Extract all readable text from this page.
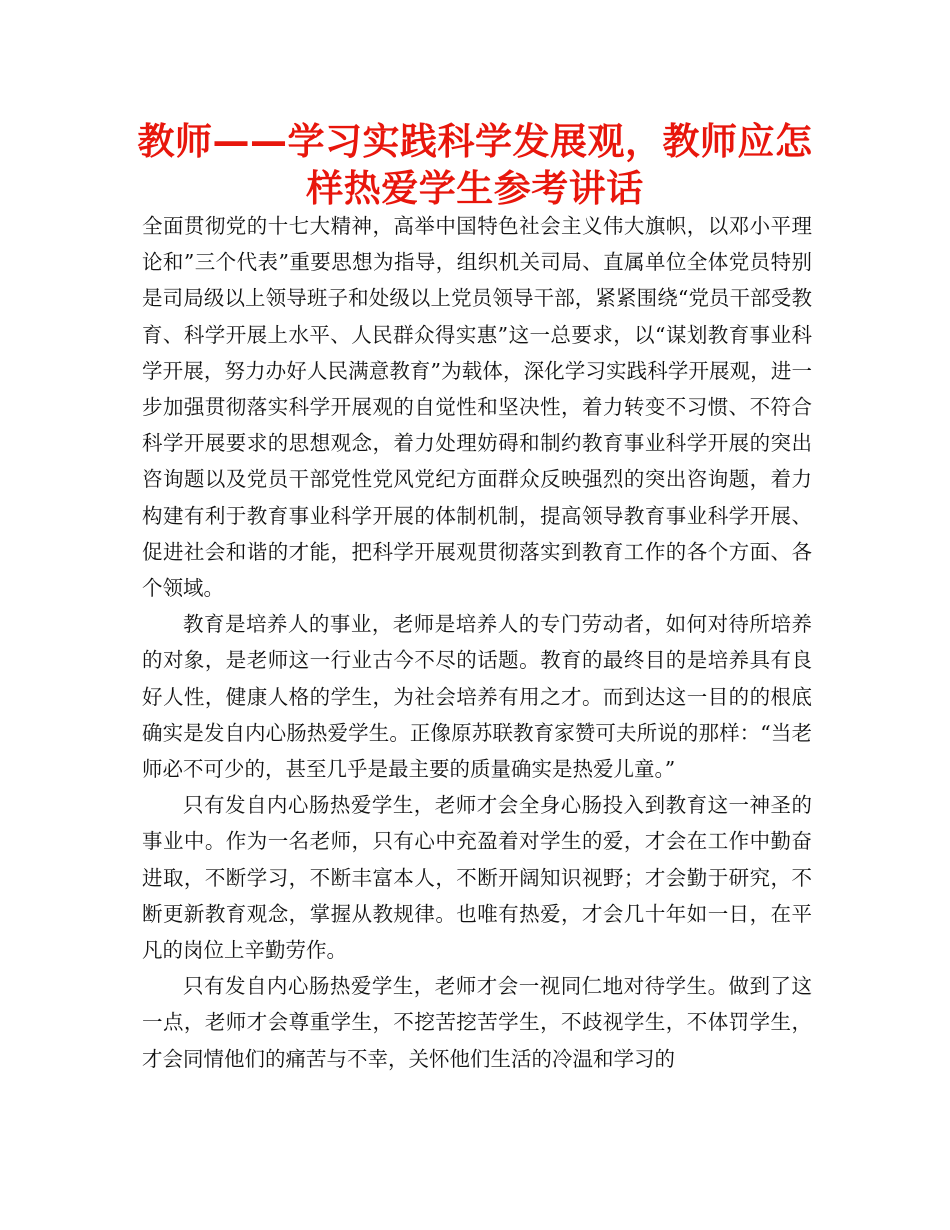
教师——学习实践科学发展观，教师应怎样热爱学生参考讲话

全面贯彻党的十七大精神，高举中国特色社会主义伟大旗帜，以邓小平理论和”三个代表”重要思想为指导，组织机关司局、直属单位全体党员特别是司局级以上领导班子和处级以上党员领导干部，紧紧围绕“党员干部受教育、科学开展上水平、人民群众得实惠”这一总要求，以“谋划教育事业科学开展，努力办好人民满意教育”为载体，深化学习实践科学开展观，进一步加强贯彻落实科学开展观的自觉性和坚决性，着力转变不习惯、不符合科学开展要求的思想观念，着力处理妨碍和制约教育事业科学开展的突出咨询题以及党员干部党性党风党纪方面群众反映强烈的突出咨询题，着力构建有利于教育事业科学开展的体制机制，提高领导教育事业科学开展、促进社会和谐的才能，把科学开展观贯彻落实到教育工作的各个方面、各个领域。

教育是培养人的事业，老师是培养人的专门劳动者，如何对待所培养的对象，是老师这一行业古今不尽的话题。教育的最终目的是培养具有良好人性，健康人格的学生，为社会培养有用之才。而到达这一目的的根底确实是发自内心肠热爱学生。正像原苏联教育家赞可夫所说的那样：“当老师必不可少的，甚至几乎是最主要的质量确实是热爱儿童。”

只有发自内心肠热爱学生，老师才会全身心肠投入到教育这一神圣的事业中。作为一名老师，只有心中充盈着对学生的爱，才会在工作中勤奋进取，不断学习，不断丰富本人，不断开阔知识视野；才会勤于研究，不断更新教育观念，掌握从教规律。也唯有热爱，才会几十年如一日，在平凡的岗位上辛勤劳作。

只有发自内心肠热爱学生，老师才会一视同仁地对待学生。做到了这一点，老师才会尊重学生，不挖苦挖苦学生，不歧视学生，不体罚学生，才会同情他们的痛苦与不幸，关怀他们生活的冷温和学习的
